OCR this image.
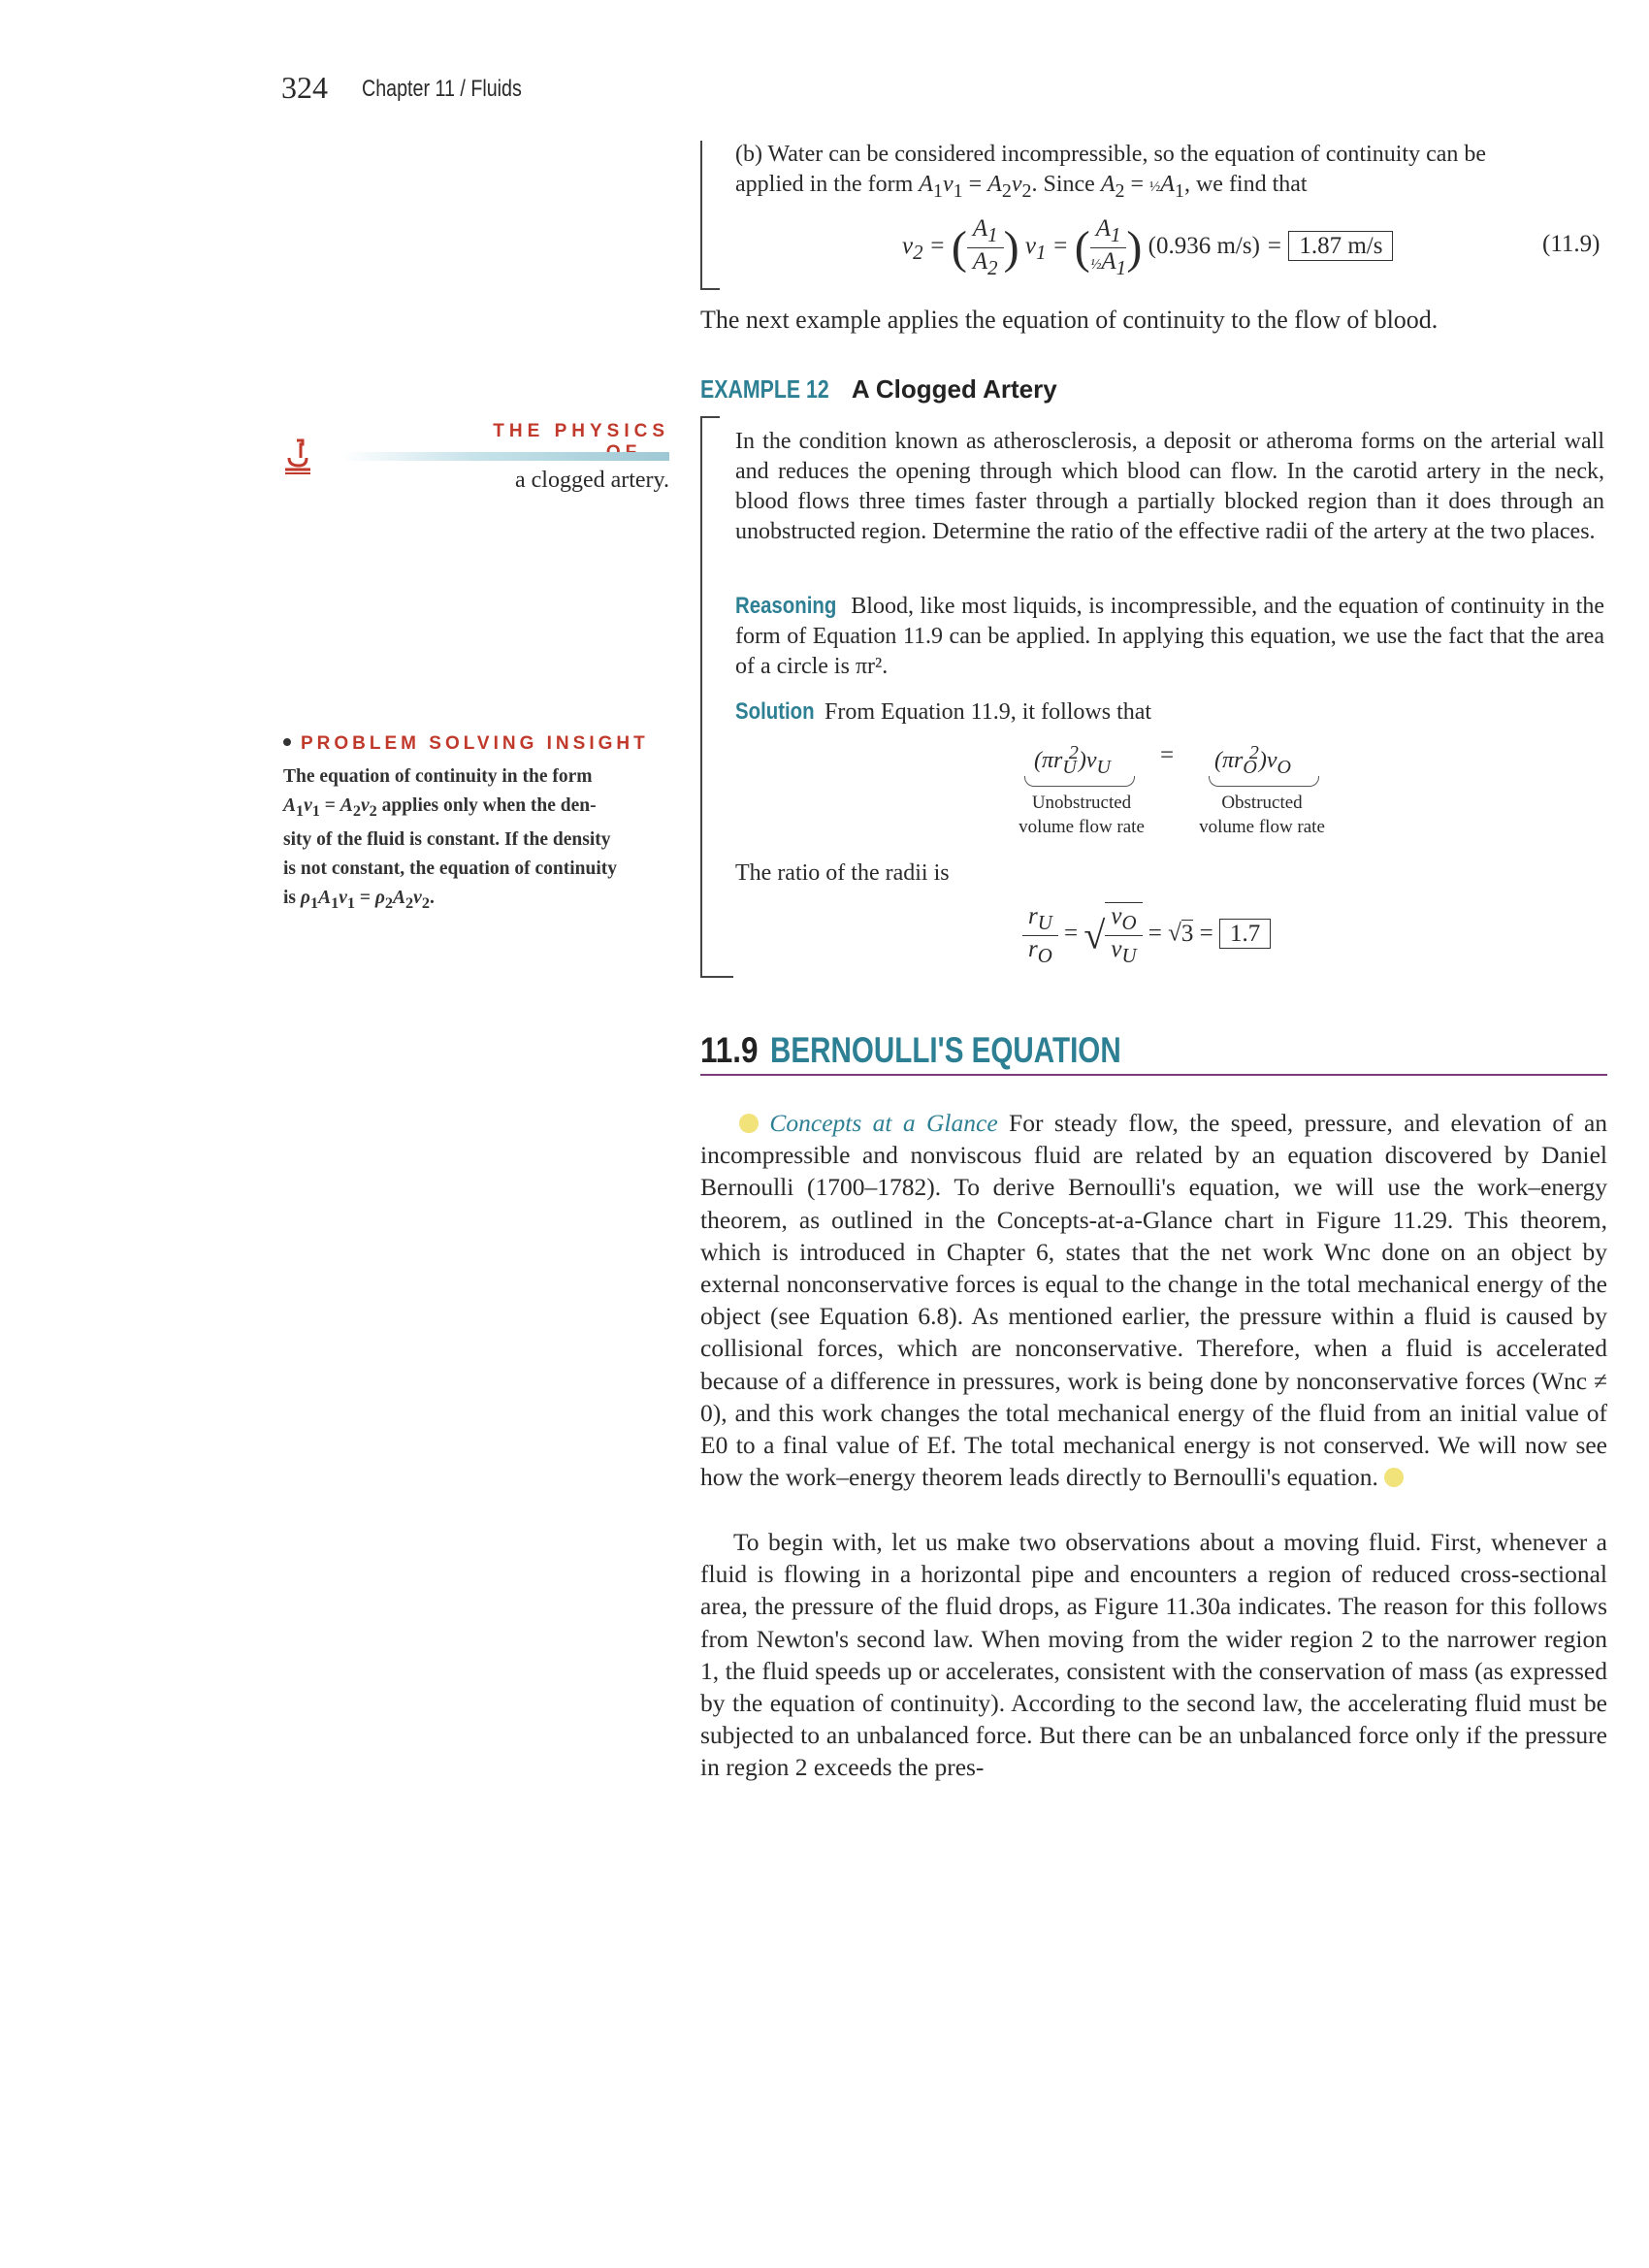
324 Chapter 11 / Fluids
(b) Water can be considered incompressible, so the equation of continuity can be
applied in the form $A_1v_1 = A_2v_2$. Since $A_2$ = $\frac{1}{2}A_1$, we find that
$v_2$ = ( $\frac{A_1}{A_2}$ ) $v_1$ = ( $\frac{A_1}{\frac{1}{2}A_1}$ ) (0.936 m/s) = 1.87 m/s	(11.9)
The next example applies the equation of continuity to the flow of blood.
EXAMPLE 12 A Clogged Artery
In the condition known as atherosclerosis, a deposit or atheroma forms on the arterial wall and reduces the opening through which blood can flow. In the carotid artery in the neck, blood flows three times faster through a partially blocked region than it does through an unobstructed region. Determine the ratio of the effective radii of the artery at the two places.
Reasoning Blood, like most liquids, is incompressible, and the equation of continuity in the form of Equation 11.9 can be applied. In applying this equation, we use the fact that the area of a circle is πr².
Solution From Equation 11.9, it follows that
$(\pi r_U^2)v_U = (\pi r_O^2)v_O$
Unobstructed
volume flow rate
Obstructed
volume flow rate
The ratio of the radii is
$\frac{r_U}{r_O}$ = √ $\frac{v_O}{v_U} = √3 = 1.7$
THE PHYSICS
a clogged artery.
PROBLEM SOLVING INSIGHT
The equation of continuity in the form
$A_1v_1 = A_2v_2$ applies only when the den-
sity of the fluid is constant. If the density
is not constant, the equation of continuity
is $\rho_1A_1v_1 = \rho_2A_2v_2$.
11.9 BERNOULLI'S EQUATION
Concepts at a Glance For steady flow, the speed, pressure, and elevation of an incompressible and nonviscous fluid are related by an equation discovered by Daniel Bernoulli (1700–1782). To derive Bernoulli's equation, we will use the work–energy theorem, as outlined in the Concepts-at-a-Glance chart in Figure 11.29. This theorem, which is introduced in Chapter 6, states that the net work Wnc done on an object by external nonconservative forces is equal to the change in the total mechanical energy of the object (see Equation 6.8). As mentioned earlier, the pressure within a fluid is caused by collisional forces, which are nonconservative. Therefore, when a fluid is accelerated because of a difference in pressures, work is being done by nonconservative forces (Wnc ≠ 0), and this work changes the total mechanical energy of the fluid from an initial value of E0 to a final value of Ef. The total mechanical energy is not conserved. We will now see how the work–energy theorem leads directly to Bernoulli's equation.
To begin with, let us make two observations about a moving fluid. First, whenever a fluid is flowing in a horizontal pipe and encounters a region of reduced cross-sectional area, the pressure of the fluid drops, as Figure 11.30a indicates. The reason for this follows from Newton's second law. When moving from the wider region 2 to the narrower region 1, the fluid speeds up or accelerates, consistent with the conservation of mass (as expressed by the equation of continuity). According to the second law, the accelerating fluid must be subjected to an unbalanced force. But there can be an unbalanced force only if the pressure in region 2 exceeds the pres-
